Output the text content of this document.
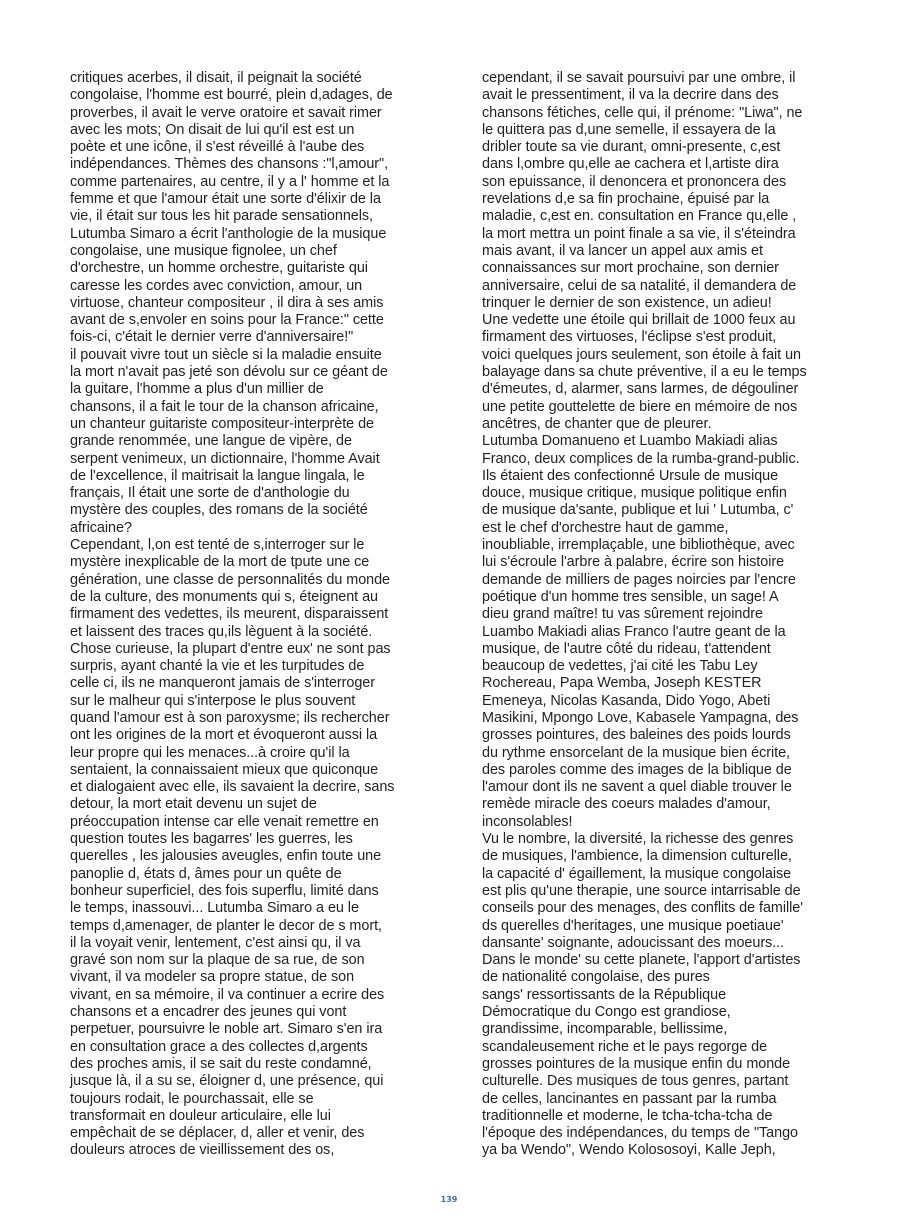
critiques acerbes, il disait, il peignait la société
congolaise, l'homme est bourré, plein d,adages, de
proverbes, il avait le verve oratoire et savait rimer
avec les mots; On disait de lui qu'il est est un
poète et une icône, il s'est réveillé à l'aube des
indépendances. Thèmes des chansons :"l,amour",
comme partenaires, au centre, il y a l' homme et la
femme et que l'amour était une sorte d'élixir de la
vie, il était sur tous les hit parade sensationnels,
Lutumba Simaro a écrit l'anthologie de la musique
congolaise, une musique fignolee, un chef
d'orchestre, un homme orchestre, guitariste qui
caresse les cordes avec conviction, amour, un
virtuose, chanteur compositeur , il dira à ses amis
avant de s,envoler en soins pour la France:" cette
fois-ci, c'était le dernier verre d'anniversaire!"
il pouvait vivre tout un siècle si la maladie ensuite
la mort n'avait pas jeté son dévolu sur ce géant de
la guitare, l'homme a plus d'un millier de
chansons, il a fait le tour de la chanson africaine,
un chanteur guitariste compositeur-interprète de
grande renommée, une langue de vipère, de
serpent venimeux, un dictionnaire, l'homme Avait
de l'excellence, il maitrisait la langue lingala, le
français, Il était une sorte de d'anthologie du
mystère des couples, des romans de la société
africaine?
Cependant, l,on est tenté de s,interroger sur le
mystère inexplicable de la mort de tpute une ce
génération, une classe de personnalités du monde
de la culture, des monuments qui s, éteignent au
firmament des vedettes, ils meurent, disparaissent
et laissent des traces qu,ils lèguent à la société.
Chose curieuse, la plupart d'entre eux' ne sont pas
surpris, ayant chanté la vie et les turpitudes de
celle ci, ils ne manqueront jamais de s'interroger
sur le malheur qui s'interpose le plus souvent
quand l'amour est à son paroxysme; ils rechercher
ont les origines de la mort et évoqueront aussi la
leur propre qui les menaces...à croire qu'il la
sentaient, la connaissaient mieux que quiconque
et dialogaient avec elle, ils savaient la decrire, sans
detour, la mort etait devenu un sujet de
préoccupation intense car elle venait remettre en
question toutes les bagarres' les guerres, les
querelles , les jalousies aveugles, enfin toute une
panoplie d, états d, âmes pour un quête de
bonheur superficiel, des fois superflu, limité dans
le temps, inassouvi... Lutumba Simaro a eu le
temps d,amenager, de planter le decor de s mort,
il la voyait venir, lentement, c'est ainsi qu, il va
gravé son nom sur la plaque de sa rue, de son
vivant, il va modeler sa propre statue, de son
vivant, en sa mémoire, il va continuer a ecrire des
chansons et a encadrer des jeunes qui vont
perpetuer, poursuivre le noble art. Simaro s'en ira
en consultation grace a des collectes d,argents
des proches amis, il se sait du reste condamné,
jusque là, il a su se, éloigner d, une présence, qui
toujours rodait, le pourchassait, elle se
transformait en douleur articulaire, elle lui
empêchait de se déplacer, d, aller et venir, des
douleurs atroces de vieillissement des os,
cependant, il se savait poursuivi par une ombre, il
avait le pressentiment, il va la decrire dans des
chansons fétiches, celle qui, il prénome: "Liwa", ne
le quittera pas d,une semelle, il essayera de la
dribler toute sa vie durant, omni-presente, c,est
dans l,ombre qu,elle ae cachera et l,artiste dira
son epuissance, il denoncera et prononcera des
revelations d,e sa fin prochaine, épuisé par la
maladie, c,est en. consultation en France qu,elle ,
la mort mettra un point finale a sa vie, il s'éteindra
mais avant, il va lancer un appel aux amis et
connaissances sur mort prochaine, son dernier
anniversaire, celui de sa natalité, il demandera de
trinquer le dernier de son existence, un adieu!
Une vedette une étoile qui brillait de 1000 feux au
firmament des virtuoses, l'éclipse s'est produit,
voici quelques jours seulement, son étoile à fait un
balayage dans sa chute préventive, il a eu le temps
d'émeutes, d, alarmer, sans larmes, de dégouliner
une petite gouttelette de biere en mémoire de nos
ancêtres, de chanter que de pleurer.
Lutumba Domanueno et Luambo Makiadi alias
Franco, deux complices de la rumba-grand-public.
Ils étaient des confectionné Ursule de musique
douce, musique critique, musique politique enfin
de musique da'sante, publique et lui ' Lutumba, c'
est le chef d'orchestre haut de gamme,
inoubliable, irremplaçable, une bibliothèque, avec
lui s'écroule l'arbre à palabre, écrire son histoire
demande de milliers de pages noircies par l'encre
poétique d'un homme tres sensible, un sage! A
dieu grand maître! tu vas sûrement rejoindre
Luambo Makiadi alias Franco l'autre geant de la
musique, de l'autre côté du rideau, t'attendent
beaucoup de vedettes, j'ai cité les Tabu Ley
Rochereau, Papa Wemba, Joseph KESTER
Emeneya, Nicolas Kasanda, Dido Yogo, Abeti
Masikini, Mpongo Love, Kabasele Yampagna, des
grosses pointures, des baleines des poids lourds
du rythme ensorcelant de la musique bien écrite,
des paroles comme des images de la biblique de
l'amour dont ils ne savent a quel diable trouver le
remède miracle des coeurs malades d'amour,
inconsolables!
Vu le nombre, la diversité, la richesse des genres
de musiques, l'ambience, la dimension culturelle,
la capacité d' égaillement, la musique congolaise
est plis qu'une therapie, une source intarrisable de
conseils pour des menages, des conflits de famille'
ds querelles d'heritages, une musique poetiaue'
dansante' soignante, adoucissant des moeurs...
Dans le monde' su cette planete, l'apport d'artistes
de nationalité congolaise, des pures
sangs' ressortissants de la République
Démocratique du Congo est grandiose,
grandissime, incomparable, bellissime,
scandaleusement riche et le pays regorge de
grosses pointures de la musique enfin du monde
culturelle. Des musiques de tous genres, partant
de celles, lancinantes en passant par la rumba
traditionnelle et moderne, le tcha-tcha-tcha de
l'époque des indépendances, du temps de "Tango
ya ba Wendo", Wendo Kolososoyi, Kalle Jeph,
139
